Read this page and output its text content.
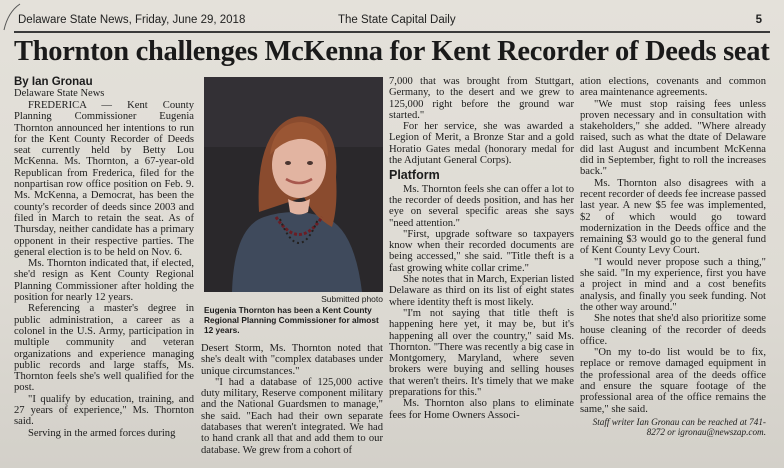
Delaware State News, Friday, June 29, 2018	The State Capital Daily	5
Thornton challenges McKenna for Kent Recorder of Deeds seat
By Ian Gronau
Delaware State News

FREDERICA — Kent County Planning Commissioner Eugenia Thornton announced her intentions to run for the Kent County Recorder of Deeds seat currently held by Betty Lou McKenna. Ms. Thornton, a 67-year-old Republican from Frederica, filed for the nonpartisan row office position on Feb. 9. Ms. McKenna, a Democrat, has been the county's recorder of deeds since 2003 and filed in March to retain the seat. As of Thursday, neither candidate has a primary opponent in their respective parties. The general election is to be held on Nov. 6.

Ms. Thornton indicated that, if elected, she'd resign as Kent County Regional Planning Commissioner after holding the position for nearly 12 years.

Referencing a master's degree in public administration, a career as a colonel in the U.S. Army, participation in multiple community and veteran organizations and experience managing public records and large staffs, Ms. Thornton feels she's well qualified for the post.

"I qualify by education, training, and 27 years of experience," Ms. Thornton said.

Serving in the armed forces during

Submitted photo
Eugenia Thornton has been a Kent County Regional Planning Commissioner for almost 12 years.

Desert Storm, Ms. Thornton noted that she's dealt with "complex databases under unique circumstances."

"I had a database of 125,000 active duty military, Reserve component military and the National Guardsmen to manage," she said. "Each had their own separate databases that weren't integrated. We had to hand crank all that and add them to our database. We grew from a cohort of

7,000 that was brought from Stuttgart, Germany, to the desert and we grew to 125,000 right before the ground war started."

For her service, she was awarded a Legion of Merit, a Bronze Star and a gold Horatio Gates medal (honorary medal for the Adjutant General Corps).

Platform

Ms. Thornton feels she can offer a lot to the recorder of deeds position, and has her eye on several specific areas she says "need attention."

"First, upgrade software so taxpayers know when their recorded documents are being accessed," she said. "Title theft is a fast growing white collar crime."

She notes that in March, Experian listed Delaware as third on its list of eight states where identity theft is most likely.

"I'm not saying that title theft is happening here yet, it may be, but it's happening all over the country," said Ms. Thornton. "There was recently a big case in Montgomery, Maryland, where seven brokers were buying and selling houses that weren't theirs. It's timely that we make preparations for this."

Ms. Thornton also plans to eliminate fees for Home Owners Associ-

ation elections, covenants and common area maintenance agreements.

"We must stop raising fees unless proven necessary and in consultation with stakeholders," she added. "Where already raised, such as what the dtate of Delaware did last August and incumbent McKenna did in September, fight to roll the increases back."

Ms. Thornton also disagrees with a recent recorder of deeds fee increase passed last year. A new $5 fee was implemented, $2 of which would go toward modernization in the Deeds office and the remaining $3 would go to the general fund of Kent County Levy Court.

"I would never propose such a thing," she said. "In my experience, first you have a project in mind and a cost benefits analysis, and finally you seek funding. Not the other way around."

She notes that she'd also prioritize some house cleaning of the recorder of deeds office.

"On my to-do list would be to fix, replace or remove damaged equipment in the professional area of the deeds office and ensure the square footage of the professional area of the office remains the same," she said.

Staff writer Ian Gronau can be reached at 741-8272 or igronau@newszap.com.
